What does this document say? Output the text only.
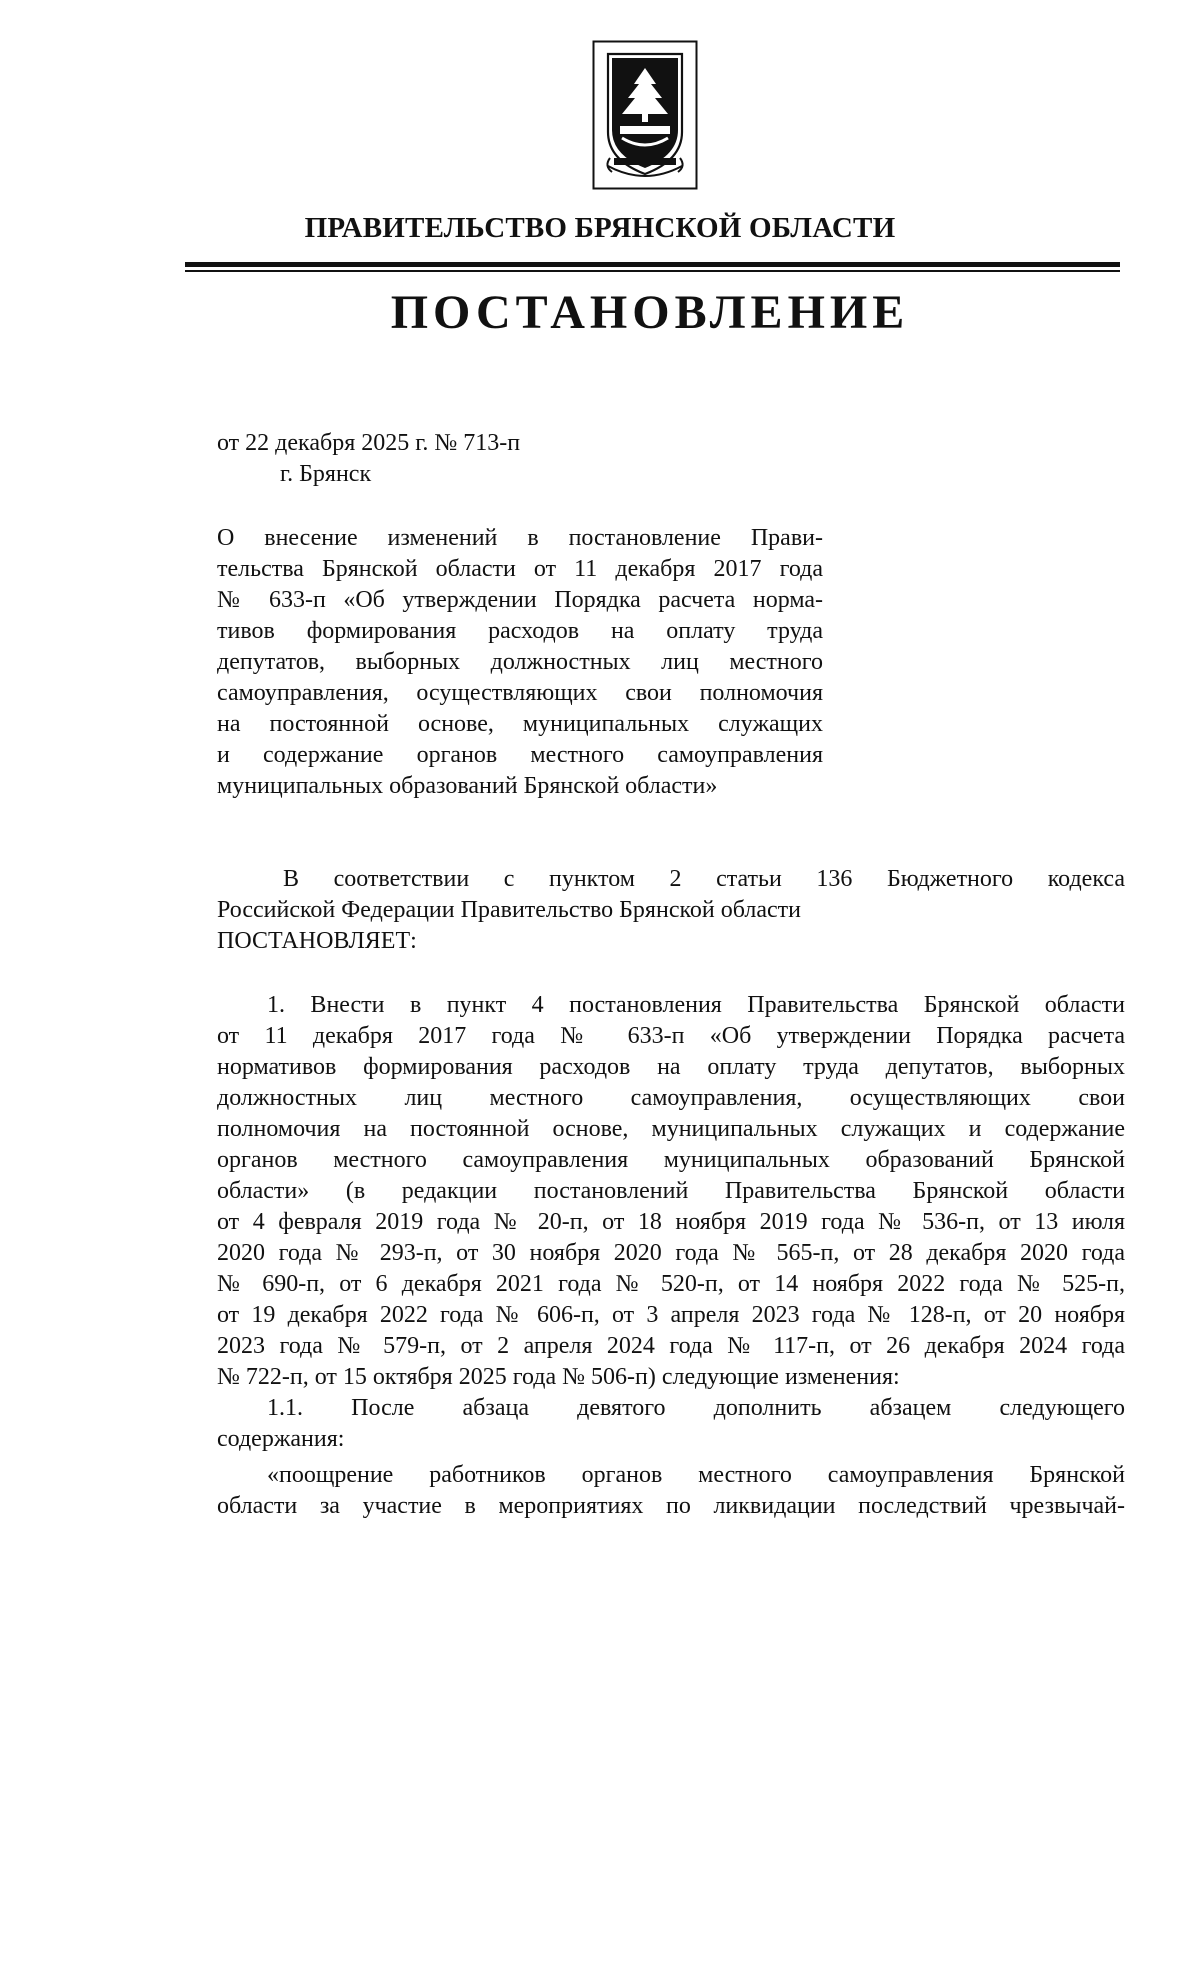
ПРАВИТЕЛЬСТВО БРЯНСКОЙ ОБЛАСТИ
ПОСТАНОВЛЕНИЕ
от 22 декабря 2025 г. № 713-п
г. Брянск
О внесение изменений в постановление Прави-
тельства Брянской области от 11 декабря 2017 года
№ 633-п «Об утверждении Порядка расчета норма-
тивов формирования расходов на оплату труда
депутатов, выборных должностных лиц местного
самоуправления, осуществляющих свои полномочия
на постоянной основе, муниципальных служащих
и содержание органов местного самоуправления
муниципальных образований Брянской области»
В соответствии с пунктом 2 статьи 136 Бюджетного кодекса
Российской Федерации Правительство Брянской области
ПОСТАНОВЛЯЕТ:
1. Внести в пункт 4 постановления Правительства Брянской области
от 11 декабря 2017 года № 633-п «Об утверждении Порядка расчета
нормативов формирования расходов на оплату труда депутатов, выборных
должностных лиц местного самоуправления, осуществляющих свои
полномочия на постоянной основе, муниципальных служащих и содержание
органов местного самоуправления муниципальных образований Брянской
области» (в редакции постановлений Правительства Брянской области
от 4 февраля 2019 года № 20-п, от 18 ноября 2019 года № 536-п, от 13 июля
2020 года № 293-п, от 30 ноября 2020 года № 565-п, от 28 декабря 2020 года
№ 690-п, от 6 декабря 2021 года № 520-п, от 14 ноября 2022 года № 525-п,
от 19 декабря 2022 года № 606-п, от 3 апреля 2023 года № 128-п, от 20 ноября
2023 года № 579-п, от 2 апреля 2024 года № 117-п, от 26 декабря 2024 года
№ 722-п, от 15 октября 2025 года № 506-п) следующие изменения:
1.1. После абзаца девятого дополнить абзацем следующего
содержания:
«поощрение работников органов местного самоуправления Брянской
области за участие в мероприятиях по ликвидации последствий чрезвычай-
